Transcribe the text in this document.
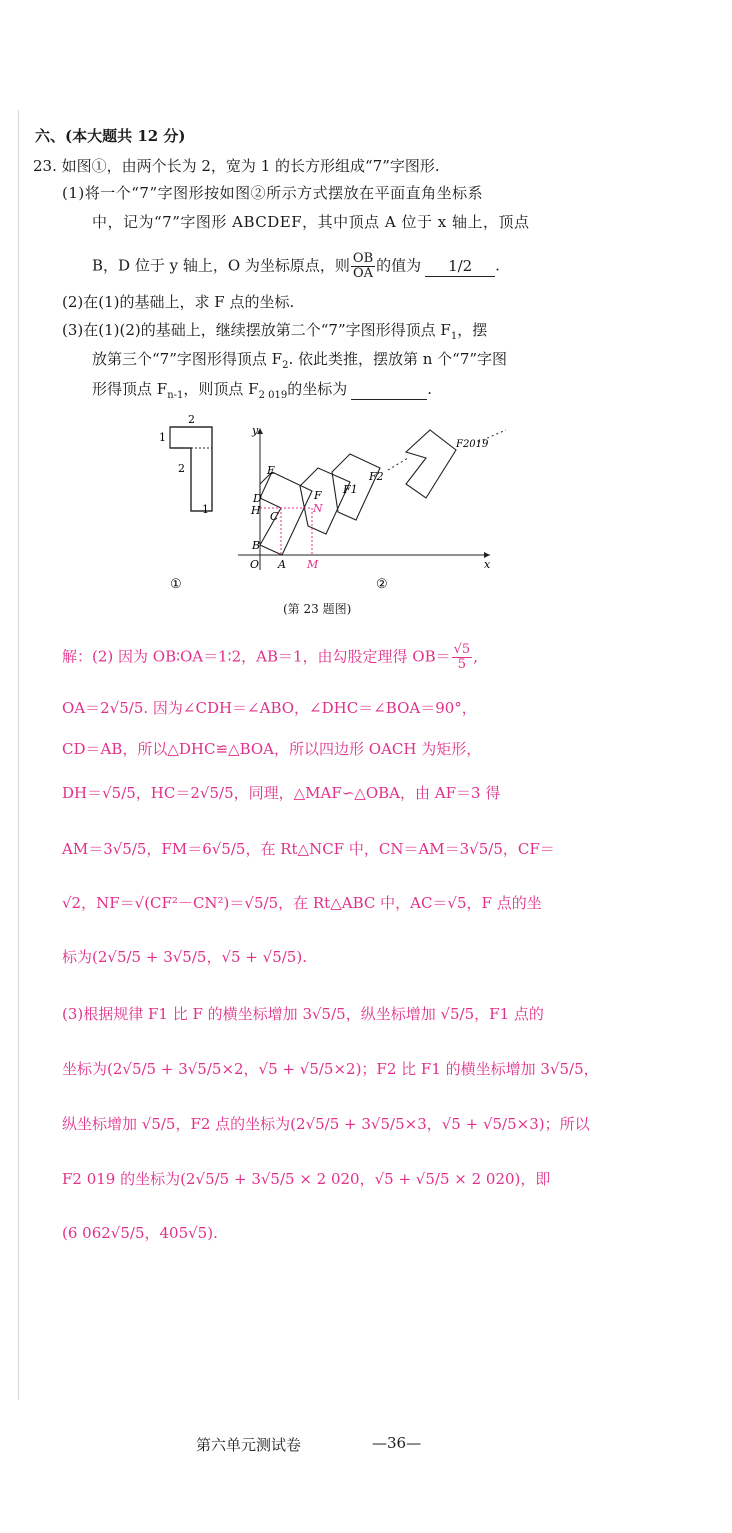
六、(本大题共 12 分)
23. 如图①，由两个长为 2，宽为 1 的长方形组成“7”字图形.
(1)将一个“7”字图形按如图②所示方式摆放在平面直角坐标系
中，记为“7”字图形 ABCDEF，其中顶点 A 位于 x 轴上，顶点
B，D 位于 y 轴上，O 为坐标原点，则 $\frac{OB}{OA}$ 的值为 1/2 .
(2)在(1)的基础上，求 F 点的坐标.
(3)在(1)(2)的基础上，继续摆放第二个“7”字图形得顶点 $F_1$，摆
放第三个“7”字图形得顶点 $F_2$. 依此类推，摆放第 n 个“7”字图
形得顶点 $F_{n-1}$，则顶点 $F_{2 019}$的坐标为	.
2
1
2
1
①
y
x
O
E
D
H C
B
A M
F
N
F1
F2
F2019
②
(第 23 题图)
解：(2) 因为 OB∶OA＝1∶2，AB＝1，由勾股定理得 $OB= \frac{√5}{5}$ ,
OA＝2√5/5. 因为∠CDH＝∠ABO，∠DHC＝∠BOA＝90°，
CD＝AB，所以△DHC≌△BOA，所以四边形 OACH 为矩形，
DH＝√5/5，HC＝2√5/5，同理，△MAF∽△OBA，由 AF＝3 得
AM＝3√5/5，FM＝6√5/5，在 Rt△NCF 中，CN＝AM＝3√5/5，CF＝
√2，NF＝√(CF²－CN²)＝√5/5，在 Rt△ABC 中，AC＝√5，F 点的坐
标为(2√5/5 + 3√5/5，√5 + √5/5).
(3)根据规律 F1 比 F 的横坐标增加 3√5/5，纵坐标增加 √5/5，F1 点的
坐标为(2√5/5 + 3√5/5×2，√5 + √5/5×2)；F2 比 F1 的横坐标增加 3√5/5，
纵坐标增加 √5/5，F2 点的坐标为(2√5/5 + 3√5/5×3，√5 + √5/5×3)；所以
F2 019 的坐标为(2√5/5 + 3√5/5 × 2 020，√5 + √5/5 × 2 020)，即
(6 062√5/5，405√5).
第六单元测试卷	—36—
